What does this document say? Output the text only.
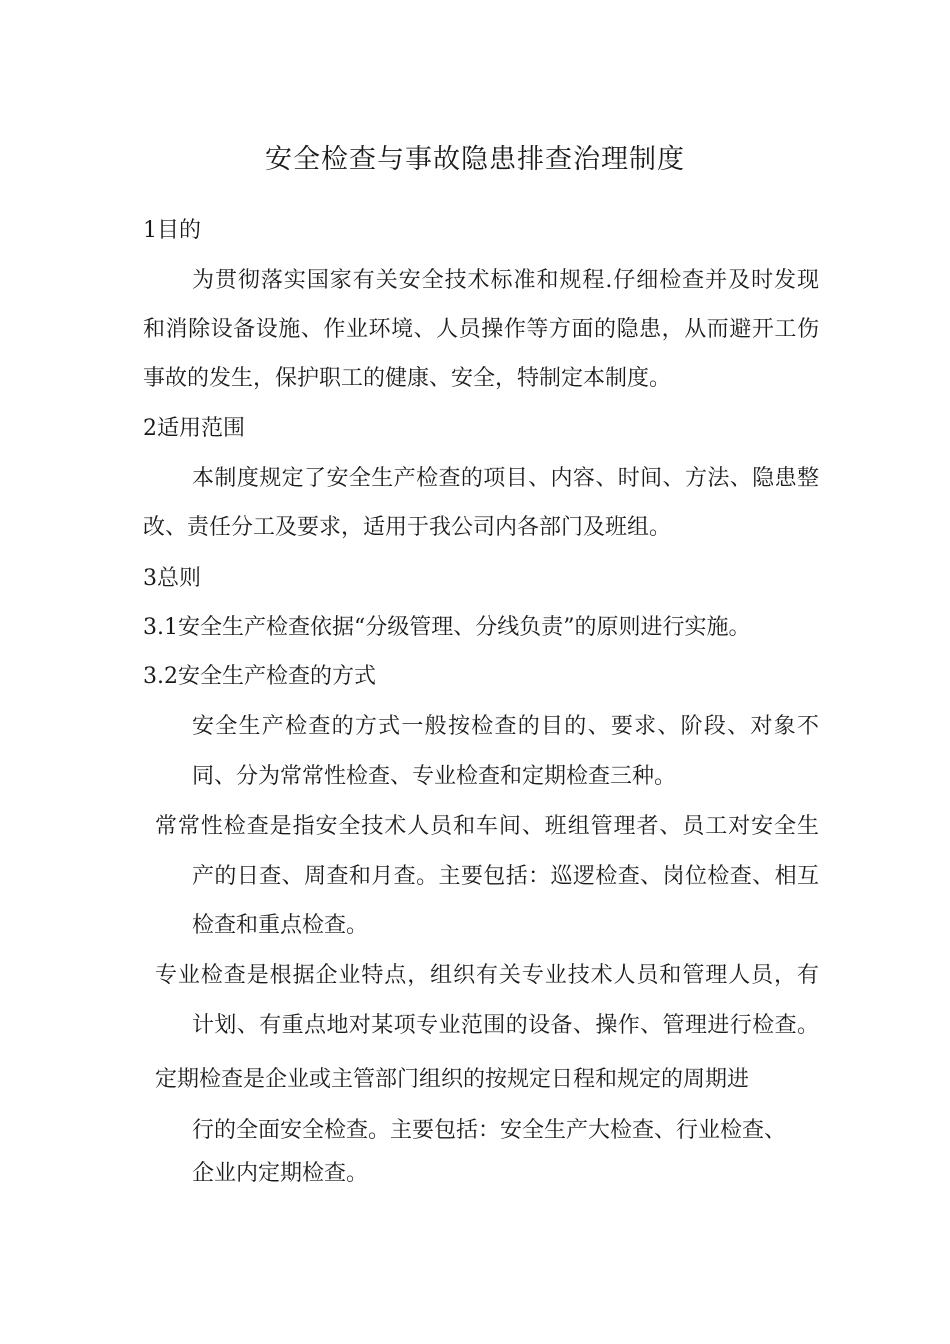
安全检查与事故隐患排查治理制度
1目的
为贯彻落实国家有关安全技术标准和规程.仔细检查并及时发现
和消除设备设施、作业环境、人员操作等方面的隐患，从而避开工伤
事故的发生，保护职工的健康、安全，特制定本制度。
2适用范围
本制度规定了安全生产检查的项目、内容、时间、方法、隐患整
改、责任分工及要求，适用于我公司内各部门及班组。
3总则
3.1安全生产检查依据“分级管理、分线负责”的原则进行实施。
3.2安全生产检查的方式
安全生产检查的方式一般按检查的目的、要求、阶段、对象不
同、分为常常性检查、专业检查和定期检查三种。
常常性检查是指安全技术人员和车间、班组管理者、员工对安全生
产的日查、周查和月查。主要包括：巡逻检查、岗位检查、相互
检查和重点检查。
专业检查是根据企业特点，组织有关专业技术人员和管理人员，有
计划、有重点地对某项专业范围的设备、操作、管理进行检查。
定期检查是企业或主管部门组织的按规定日程和规定的周期进
行的全面安全检查。主要包括：安全生产大检查、行业检查、
企业内定期检查。
